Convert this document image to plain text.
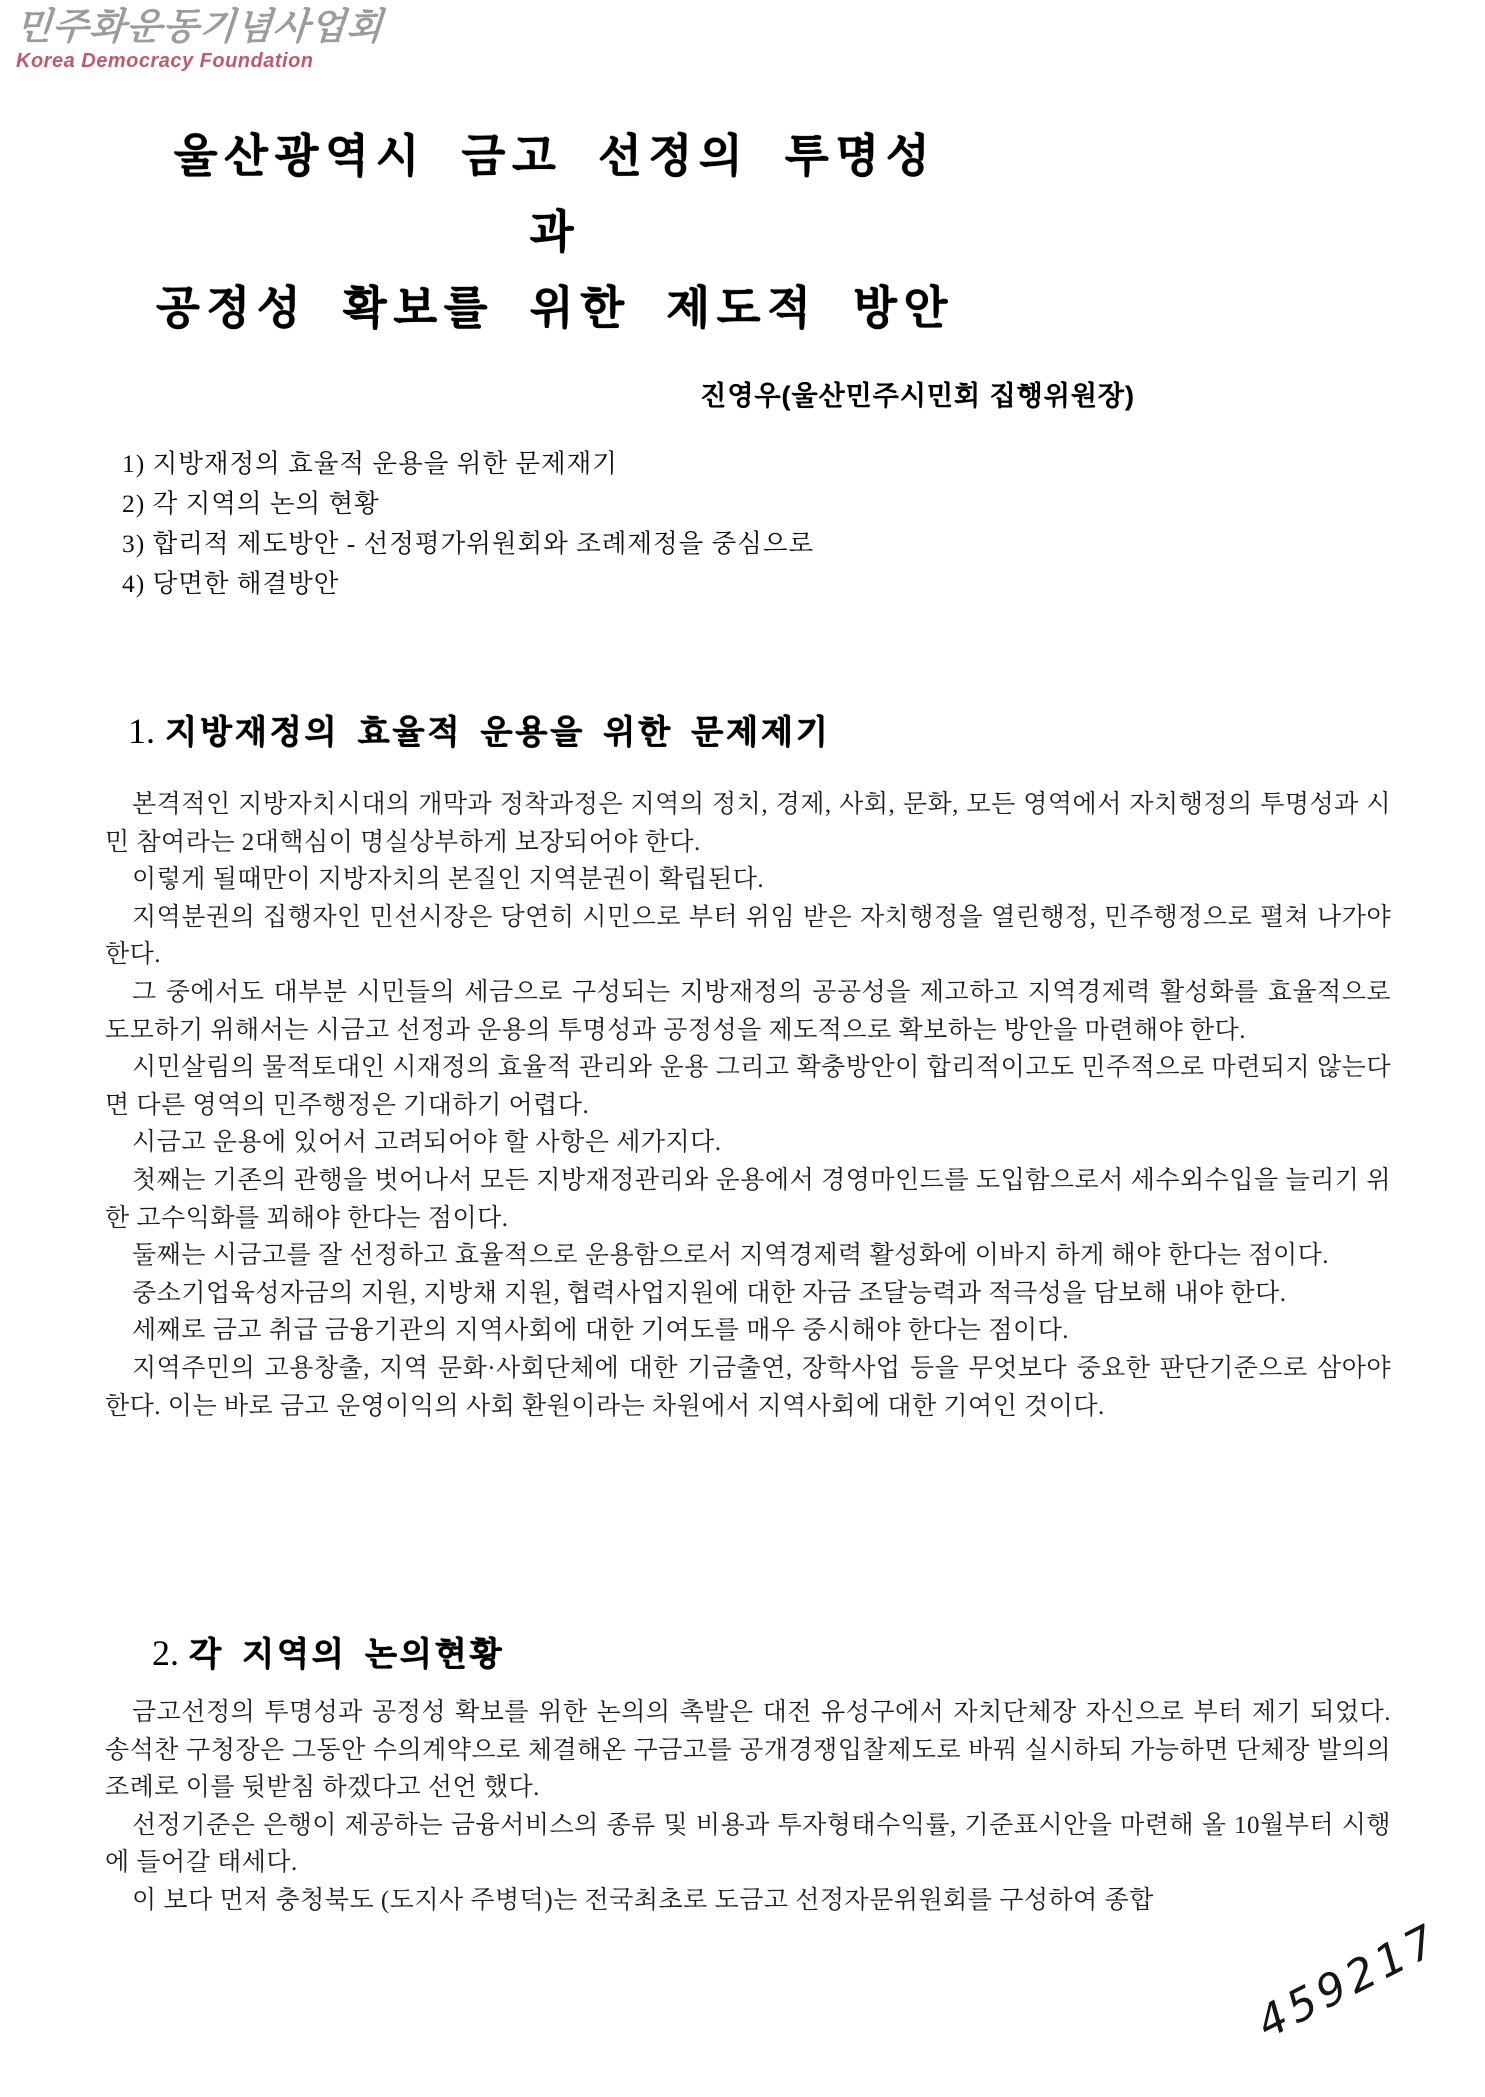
민주화운동기념사업회
Korea Democracy Foundation
울산광역시 금고 선정의 투명성과
공정성 확보를 위한 제도적 방안
진영우(울산민주시민회 집행위원장)
1) 지방재정의 효율적 운용을 위한 문제재기
2) 각 지역의 논의 현황
3) 합리적 제도방안 - 선정평가위원회와 조례제정을 중심으로
4) 당면한 해결방안
1. 지방재정의 효율적 운용을 위한 문제제기

본격적인 지방자치시대의 개막과 정착과정은 지역의 정치, 경제, 사회, 문화, 모든 영역에서 자치행정의 투명성과 시민 참여라는 2대핵심이 명실상부하게 보장되어야 한다.

이렇게 될때만이 지방자치의 본질인 지역분권이 확립된다.

지역분권의 집행자인 민선시장은 당연히 시민으로 부터 위임 받은 자치행정을 열린행정, 민주행정으로 펼쳐 나가야 한다.

그 중에서도 대부분 시민들의 세금으로 구성되는 지방재정의 공공성을 제고하고 지역경제력 활성화를 효율적으로 도모하기 위해서는 시금고 선정과 운용의 투명성과 공정성을 제도적으로 확보하는 방안을 마련해야 한다.

시민살림의 물적토대인 시재정의 효율적 관리와 운용 그리고 확충방안이 합리적이고도 민주적으로 마련되지 않는다면 다른 영역의 민주행정은 기대하기 어렵다.

시금고 운용에 있어서 고려되어야 할 사항은 세가지다.

첫째는 기존의 관행을 벗어나서 모든 지방재정관리와 운용에서 경영마인드를 도입함으로서 세수외수입을 늘리기 위한 고수익화를 꾀해야 한다는 점이다.

둘째는 시금고를 잘 선정하고 효율적으로 운용함으로서 지역경제력 활성화에 이바지 하게 해야 한다는 점이다.

중소기업육성자금의 지원, 지방채 지원, 협력사업지원에 대한 자금 조달능력과 적극성을 담보해 내야 한다.

세째로 금고 취급 금융기관의 지역사회에 대한 기여도를 매우 중시해야 한다는 점이다.

지역주민의 고용창출, 지역 문화·사회단체에 대한 기금출연, 장학사업 등을 무엇보다 중요한 판단기준으로 삼아야 한다. 이는 바로 금고 운영이익의 사회 환원이라는 차원에서 지역사회에 대한 기여인 것이다.

2. 각 지역의 논의현황

금고선정의 투명성과 공정성 확보를 위한 논의의 촉발은 대전 유성구에서 자치단체장 자신으로 부터 제기 되었다. 송석찬 구청장은 그동안 수의계약으로 체결해온 구금고를 공개경쟁입찰제도로 바꿔 실시하되 가능하면 단체장 발의의 조례로 이를 뒷받침 하겠다고 선언 했다.

선정기준은 은행이 제공하는 금융서비스의 종류 및 비용과 투자형태수익률, 기준표시안을 마련해 올 10월부터 시행에 들어갈 태세다.

이 보다 먼저 충청북도 (도지사 주병덕)는 전국최초로 도금고 선정자문위원회를 구성하여 종합

459217
